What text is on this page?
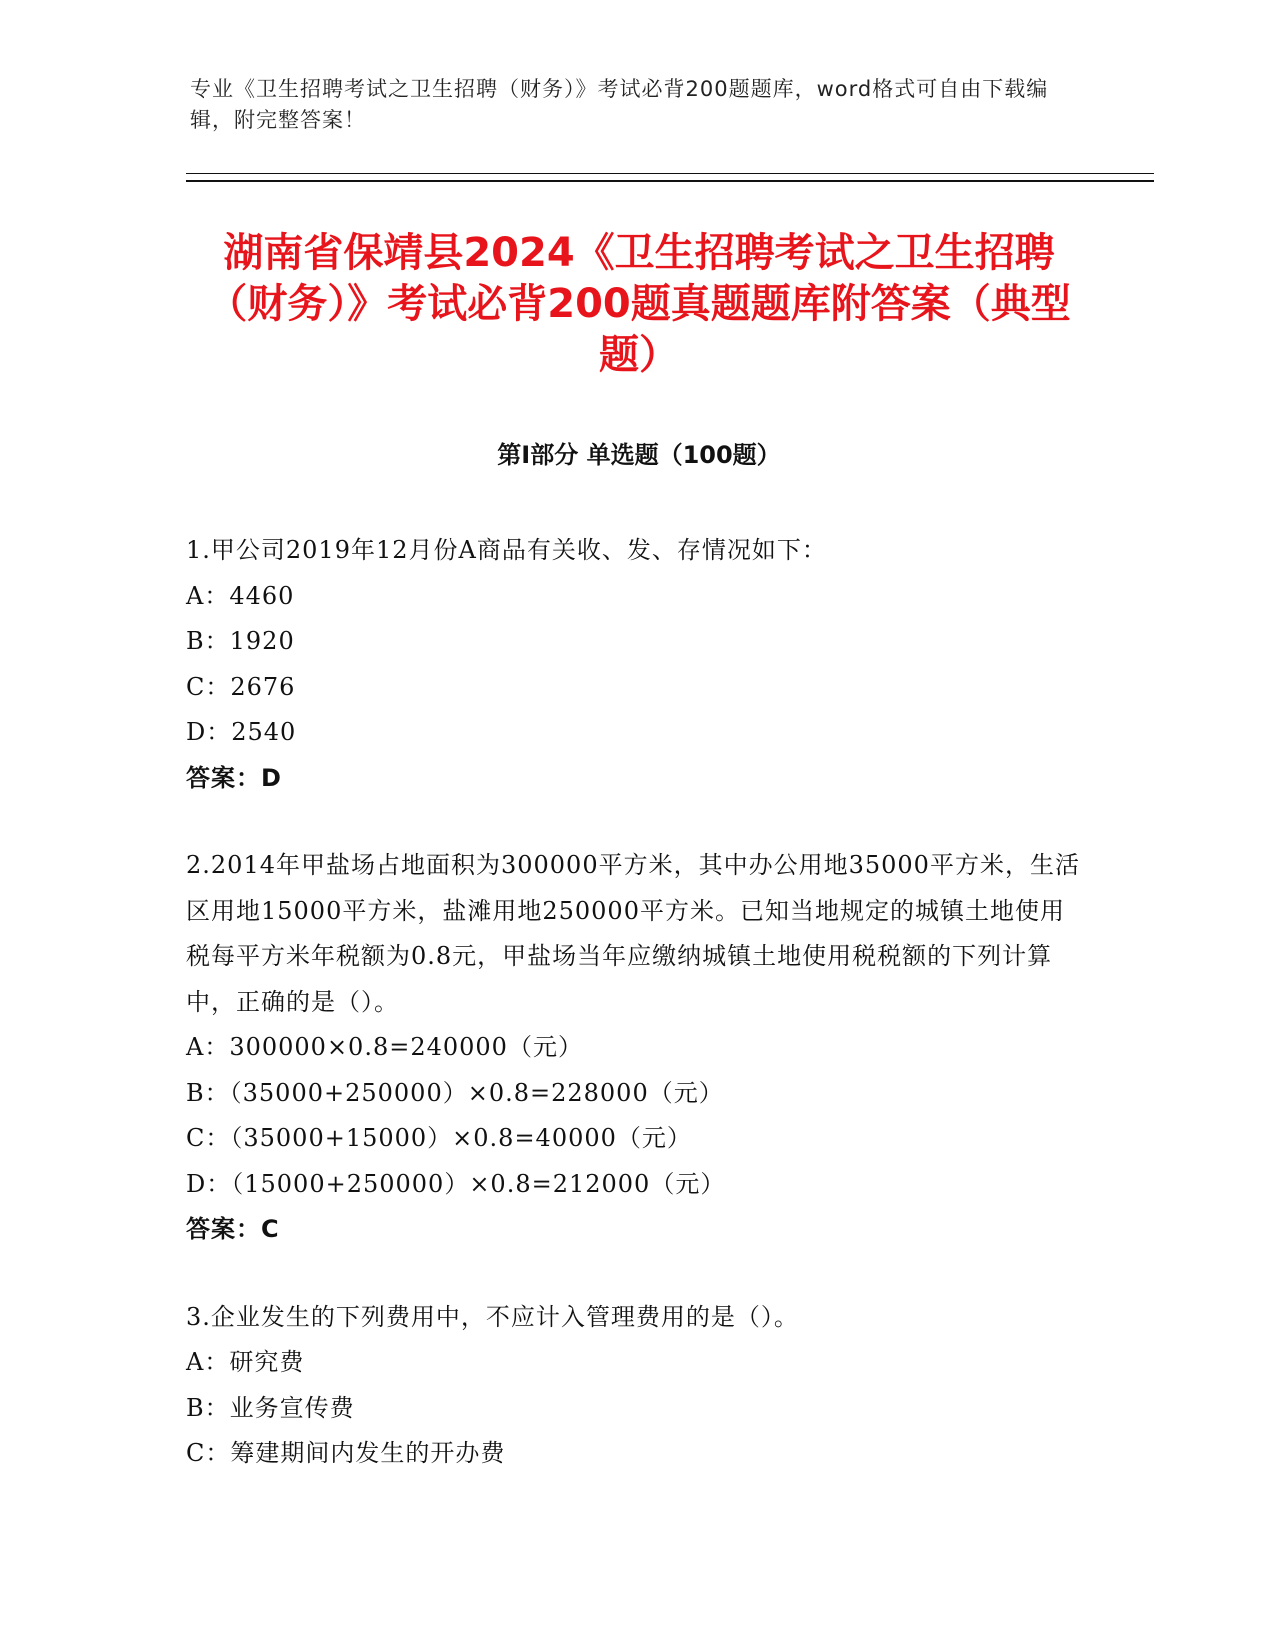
专业《卫生招聘考试之卫生招聘（财务）》考试必背200题题库，word格式可自由下载编辑，附完整答案！
湖南省保靖县2024《卫生招聘考试之卫生招聘（财务）》考试必背200题真题题库附答案（典型题）
第I部分 单选题（100题）
1.甲公司2019年12月份A商品有关收、发、存情况如下：
A：4460
B：1920
C：2676
D：2540
答案：D
2.2014年甲盐场占地面积为300000平方米，其中办公用地35000平方米，生活区用地15000平方米，盐滩用地250000平方米。已知当地规定的城镇土地使用税每平方米年税额为0.8元，甲盐场当年应缴纳城镇土地使用税税额的下列计算中，正确的是（）。
A：300000×0.8=240000（元）
B：（35000+250000）×0.8=228000（元）
C：（35000+15000）×0.8=40000（元）
D：（15000+250000）×0.8=212000（元）
答案：C
3.企业发生的下列费用中，不应计入管理费用的是（）。
A：研究费
B：业务宣传费
C：筹建期间内发生的开办费
